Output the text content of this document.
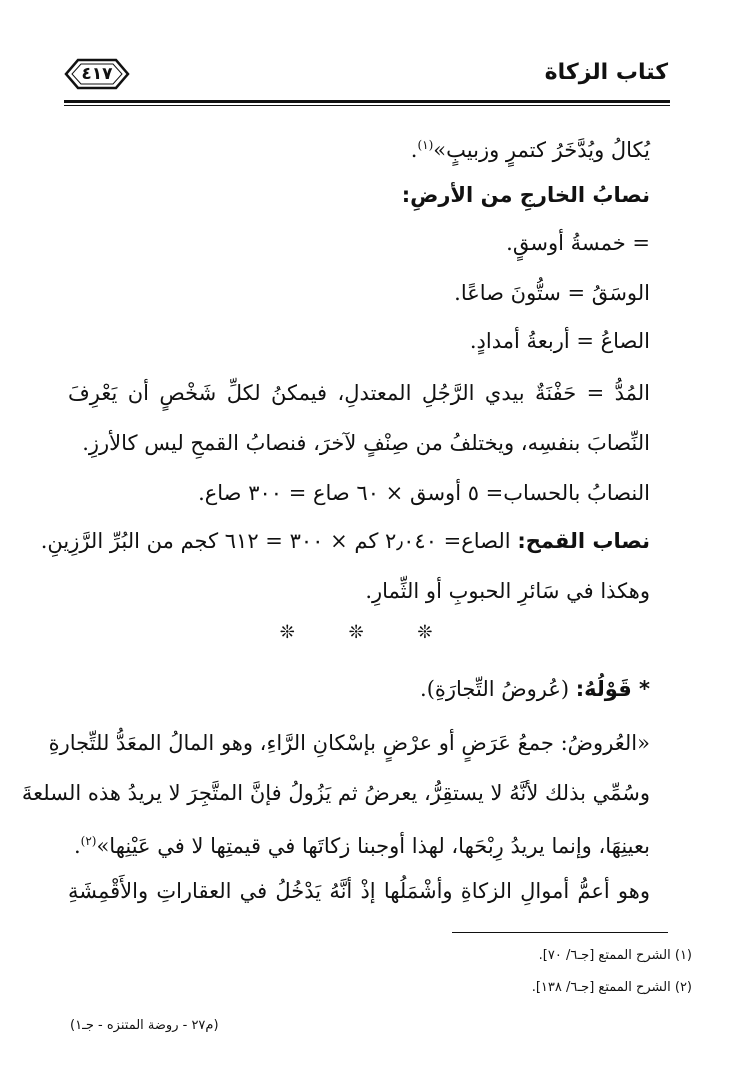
كتاب الزكاة
٤١٧
يُكالُ ويُدَّخَرُ كتمرٍ وزبيبٍ»$^{(١)}$.
نصابُ الخارجِ من الأرضِ:
= خمسةُ أوسقٍ.
الوسَقُ = ستُّونَ صاعًا.
الصاعُ = أربعةُ أمدادٍ.
المُدُّ = حَفْنَةٌ بيدي الرَّجُلِ المعتدلِ، فيمكنُ لكلِّ شَخْصٍ أن يَعْرِفَ
النِّصابَ بنفسِه، ويختلفُ من صِنْفٍ لآخرَ، فنصابُ القمحِ ليس كالأرزِ.
النصابُ بالحساب= ٥ أوسق × ٦٠ صاع = ٣٠٠ صاع.
نصاب القمح: الصاع= ٢٫٠٤٠ كم × ٣٠٠ = ٦١٢ كجم من البُرِّ الرَّزِينِ.
وهكذا في سَائرِ الحبوبِ أو الثِّمارِ.
❊ ❊ ❊
* قَوْلُهُ: (عُروضُ التِّجارَةِ).
«العُروضُ: جمعُ عَرَضٍ أو عرْضٍ بإسْكانِ الرَّاءِ، وهو المالُ المعَدُّ للتِّجارةِ
وسُمِّي بذلك لأنَّهُ لا يستقِرُّ، يعرضُ ثم يَزُولُ فإنَّ المتَّجِرَ لا يريدُ هذه السلعةَ
بعينِهَا، وإنما يريدُ رِبْحَها، لهذا أوجبنا زكاتَها في قيمتِها لا في عَيْنِها»$^{(٢)}$.
وهو أعمُّ أموالِ الزكاةِ وأشْمَلُها إذْ أنَّهُ يَدْخُلُ في العقاراتِ والأَقْمِشَةِ
(١) الشرح الممتع [جـ٦/ ٧٠].
(٢) الشرح الممتع [جـ٦/ ١٣٨].
(م٢٧ - روضة المتنزه - جـ١)
